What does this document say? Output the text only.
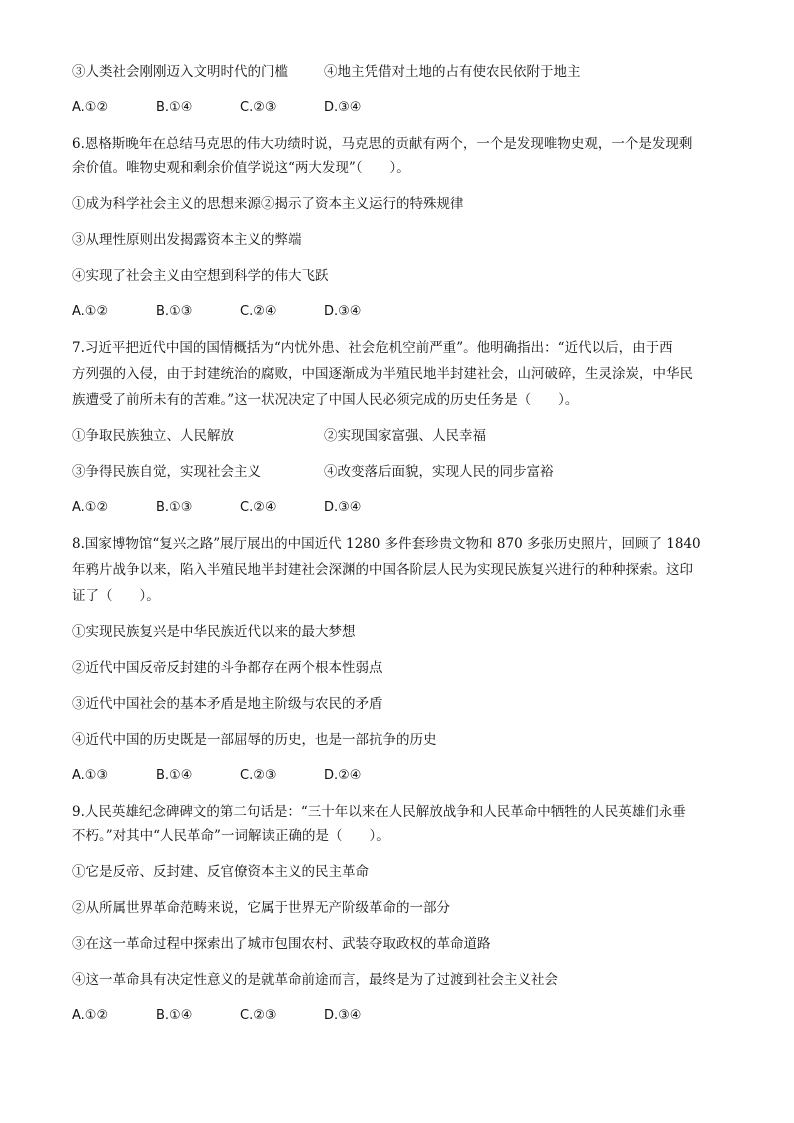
③人类社会刚刚迈入文明时代的门槛	④地主凭借对土地的占有使农民依附于地主
A.①②	B.①④	C.②③	D.③④
6.恩格斯晚年在总结马克思的伟大功绩时说，马克思的贡献有两个，一个是发现唯物史观，一个是发现剩
余价值。唯物史观和剩余价值学说这“两大发现”（　　）。
①成为科学社会主义的思想来源②揭示了资本主义运行的特殊规律
③从理性原则出发揭露资本主义的弊端
④实现了社会主义由空想到科学的伟大飞跃
A.①②	B.①③	C.②④	D.③④
7.习近平把近代中国的国情概括为“内忧外患、社会危机空前严重”。他明确指出：“近代以后，由于西
方列强的入侵，由于封建统治的腐败，中国逐渐成为半殖民地半封建社会，山河破碎，生灵涂炭，中华民
族遭受了前所未有的苦难。”这一状况决定了中国人民必须完成的历史任务是（　　）。
①争取民族独立、人民解放	②实现国家富强、人民幸福
③争得民族自觉，实现社会主义	④改变落后面貌，实现人民的同步富裕
A.①②	B.①③	C.②④	D.③④
8.国家博物馆“复兴之路”展厅展出的中国近代 1280 多件套珍贵文物和 870 多张历史照片，回顾了 1840
年鸦片战争以来，陷入半殖民地半封建社会深渊的中国各阶层人民为实现民族复兴进行的种种探索。这印
证了（　　）。
①实现民族复兴是中华民族近代以来的最大梦想
②近代中国反帝反封建的斗争都存在两个根本性弱点
③近代中国社会的基本矛盾是地主阶级与农民的矛盾
④近代中国的历史既是一部屈辱的历史，也是一部抗争的历史
A.①③	B.①④	C.②③	D.②④
9.人民英雄纪念碑碑文的第二句话是：“三十年以来在人民解放战争和人民革命中牺牲的人民英雄们永垂
不朽。”对其中“人民革命”一词解读正确的是（　　）。
①它是反帝、反封建、反官僚资本主义的民主革命
②从所属世界革命范畴来说，它属于世界无产阶级革命的一部分
③在这一革命过程中探索出了城市包围农村、武装夺取政权的革命道路
④这一革命具有决定性意义的是就革命前途而言，最终是为了过渡到社会主义社会
A.①②	B.①④	C.②③	D.③④
